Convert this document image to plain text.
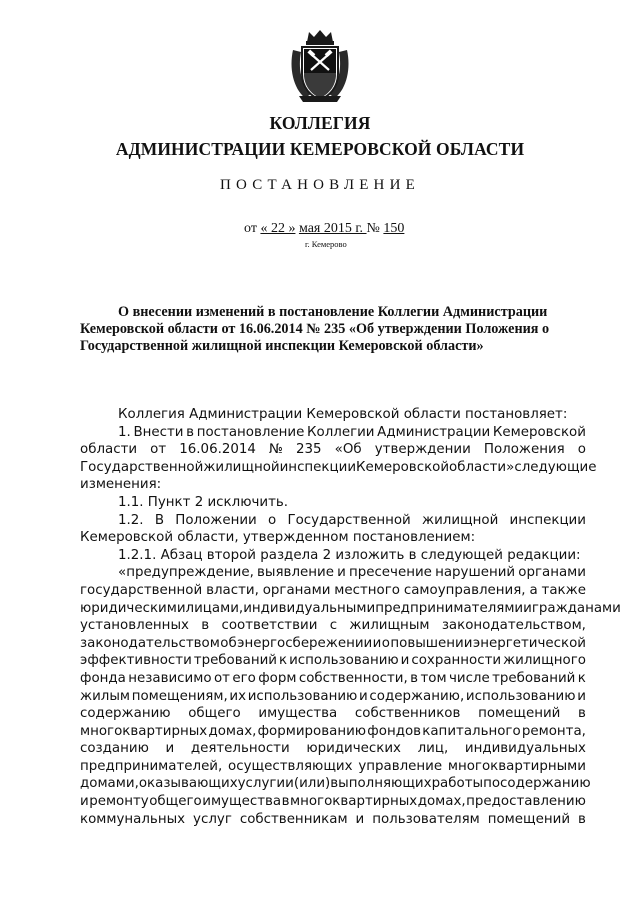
КОЛЛЕГИЯ
АДМИНИСТРАЦИИ КЕМЕРОВСКОЙ ОБЛАСТИ
ПОСТАНОВЛЕНИЕ
от « 22 » мая 2015 г. № 150
г. Кемерово
О внесении изменений в постановление Коллегии Администрации
Кемеровской области от 16.06.2014 № 235 «Об утверждении Положения о
Государственной жилищной инспекции Кемеровской области»
Коллегия Администрации Кемеровской области постановляет:
1. Внести в постановление Коллегии Администрации Кемеровской
области от 16.06.2014 № 235 «Об утверждении Положения о
Государственной жилищной инспекции Кемеровской области» следующие
изменения:
1.1. Пункт 2 исключить.
1.2. В Положении о Государственной жилищной инспекции
Кемеровской области, утвержденном постановлением:
1.2.1. Абзац второй раздела 2 изложить в следующей редакции:
«предупреждение, выявление и пресечение нарушений органами
государственной власти, органами местного самоуправления, а также
юридическими лицами, индивидуальными предпринимателями и гражданами
установленных в соответствии с жилищным законодательством,
законодательством об энергосбережении и о повышении энергетической
эффективности требований к использованию и сохранности жилищного
фонда независимо от его форм собственности, в том числе требований к
жилым помещениям, их использованию и содержанию, использованию и
содержанию общего имущества собственников помещений в
многоквартирных домах, формированию фондов капитального ремонта,
созданию и деятельности юридических лиц, индивидуальных
предпринимателей, осуществляющих управление многоквартирными
домами, оказывающих услуги и (или) выполняющих работы по содержанию
и ремонту общего имущества в многоквартирных домах, предоставлению
коммунальных услуг собственникам и пользователям помещений в
